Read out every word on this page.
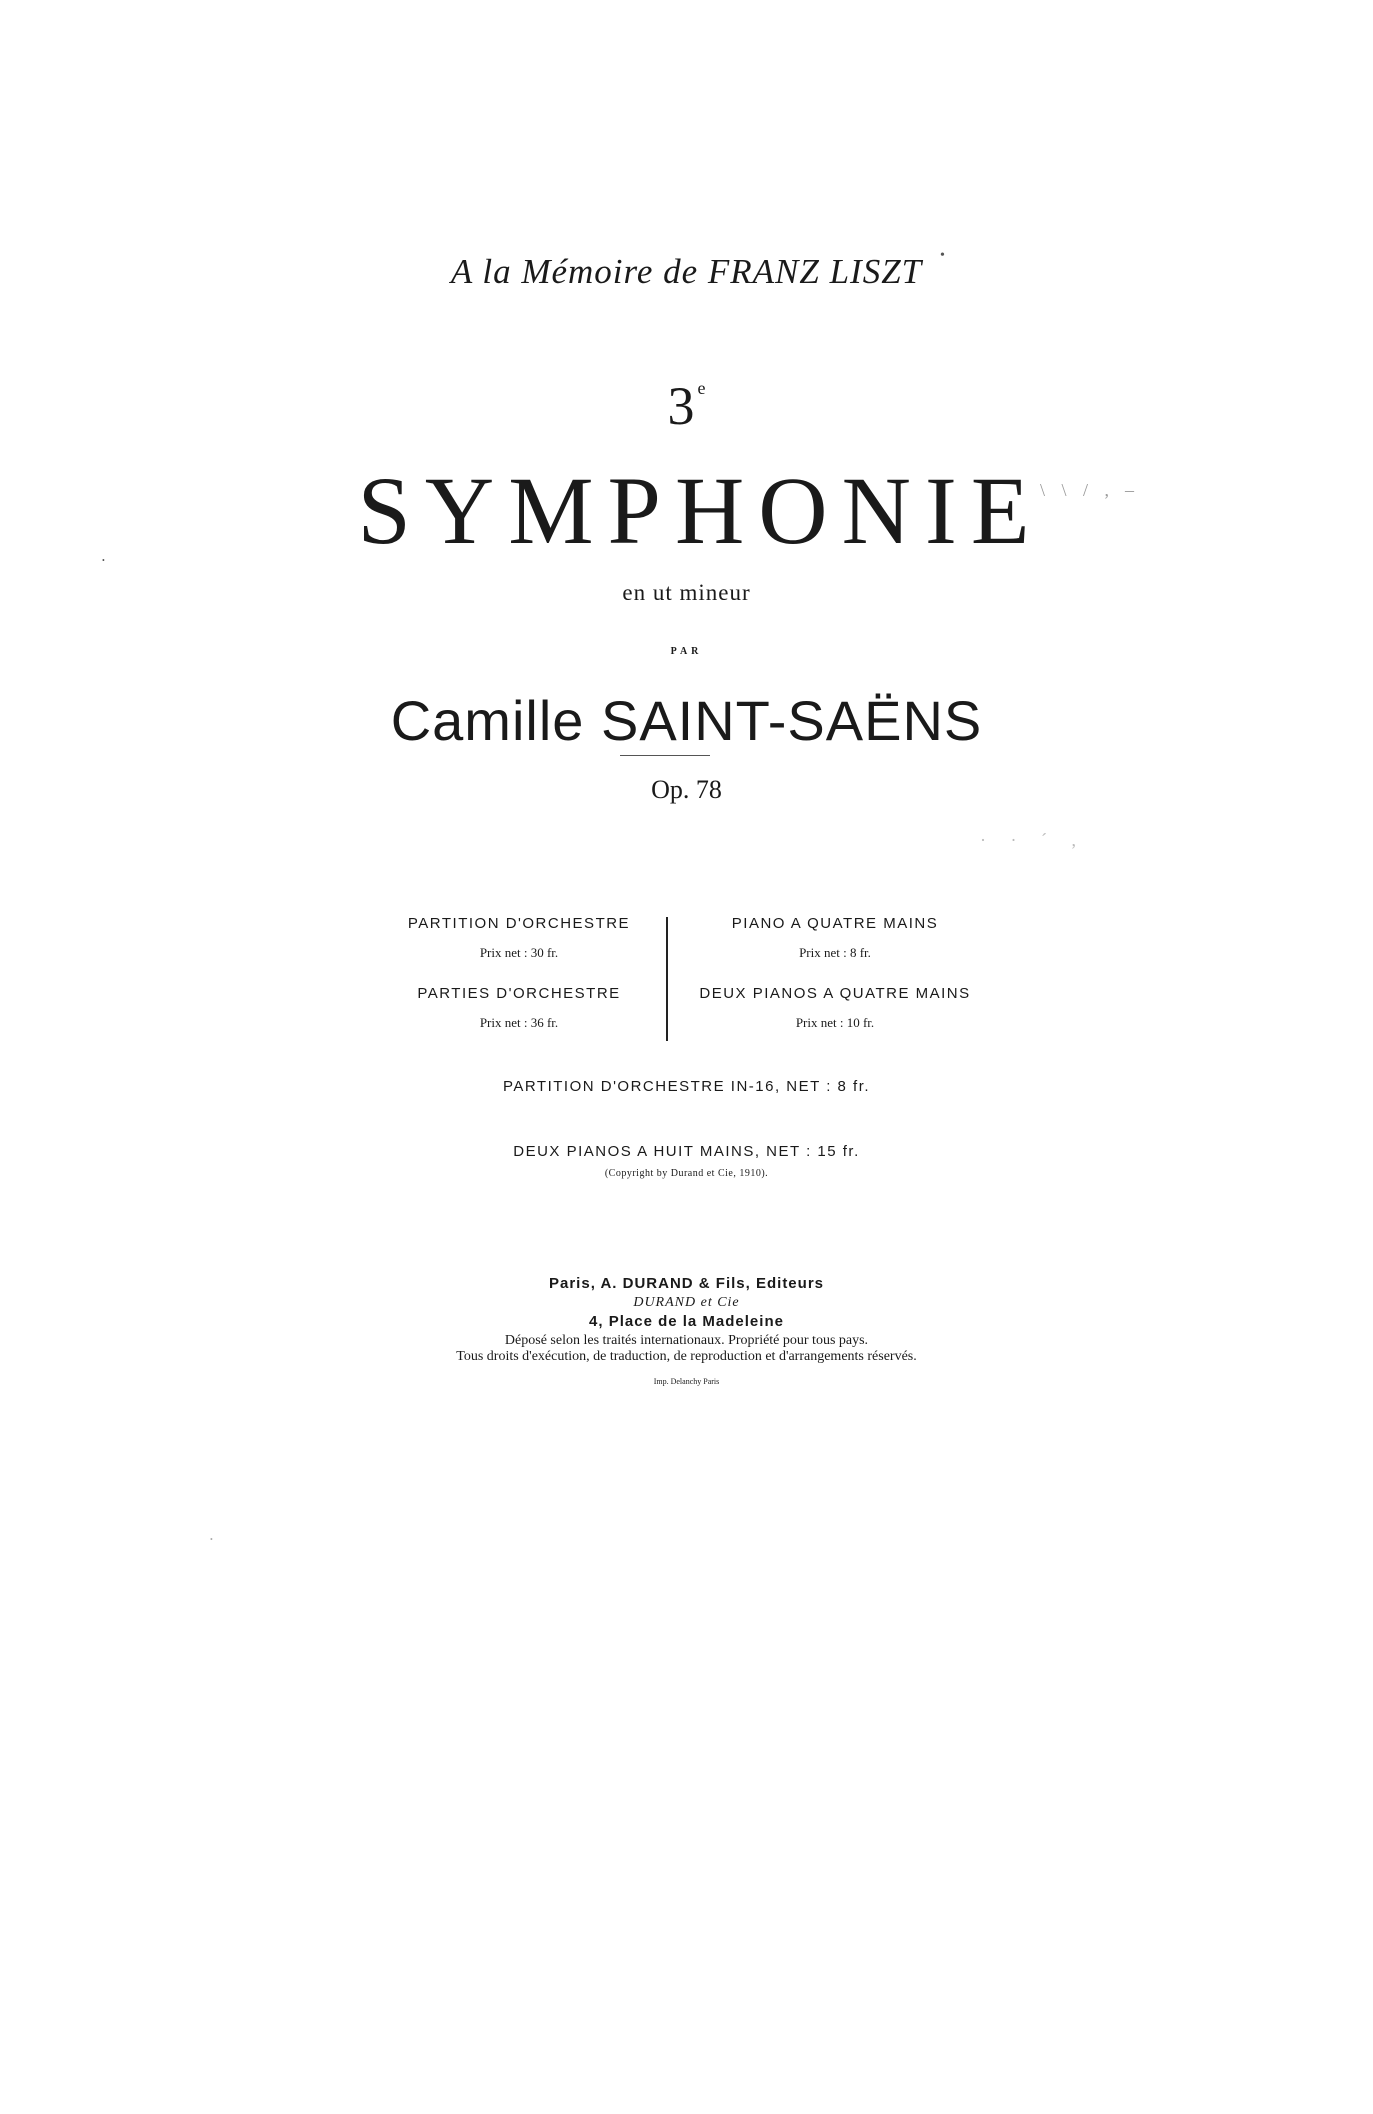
A la Mémoire de FRANZ LISZT
3 $^e$
SYMPHONIE
en ut mineur
PAR
Camille SAINT-SAËNS
Op. 78
PARTITION D'ORCHESTRE
Prix net : 30 fr.
PARTIES D'ORCHESTRE
Prix net : 36 fr.
PIANO A QUATRE MAINS
Prix net : 8 fr.
DEUX PIANOS A QUATRE MAINS
Prix net : 10 fr.
PARTITION D'ORCHESTRE IN-16, NET : 8 fr.
DEUX PIANOS A HUIT MAINS, NET : 15 fr.
(Copyright by Durand et Cie, 1910).
Paris, A. DURAND & Fils, Editeurs
DURAND et Cie
4, Place de la Madeleine
Déposé selon les traités internationaux. Propriété pour tous pays.
Tous droits d'exécution, de traduction, de reproduction et d'arrangements réservés.
Imp. Delanchy Paris
•
\ \ / , –
· · ´ ,
•
•
